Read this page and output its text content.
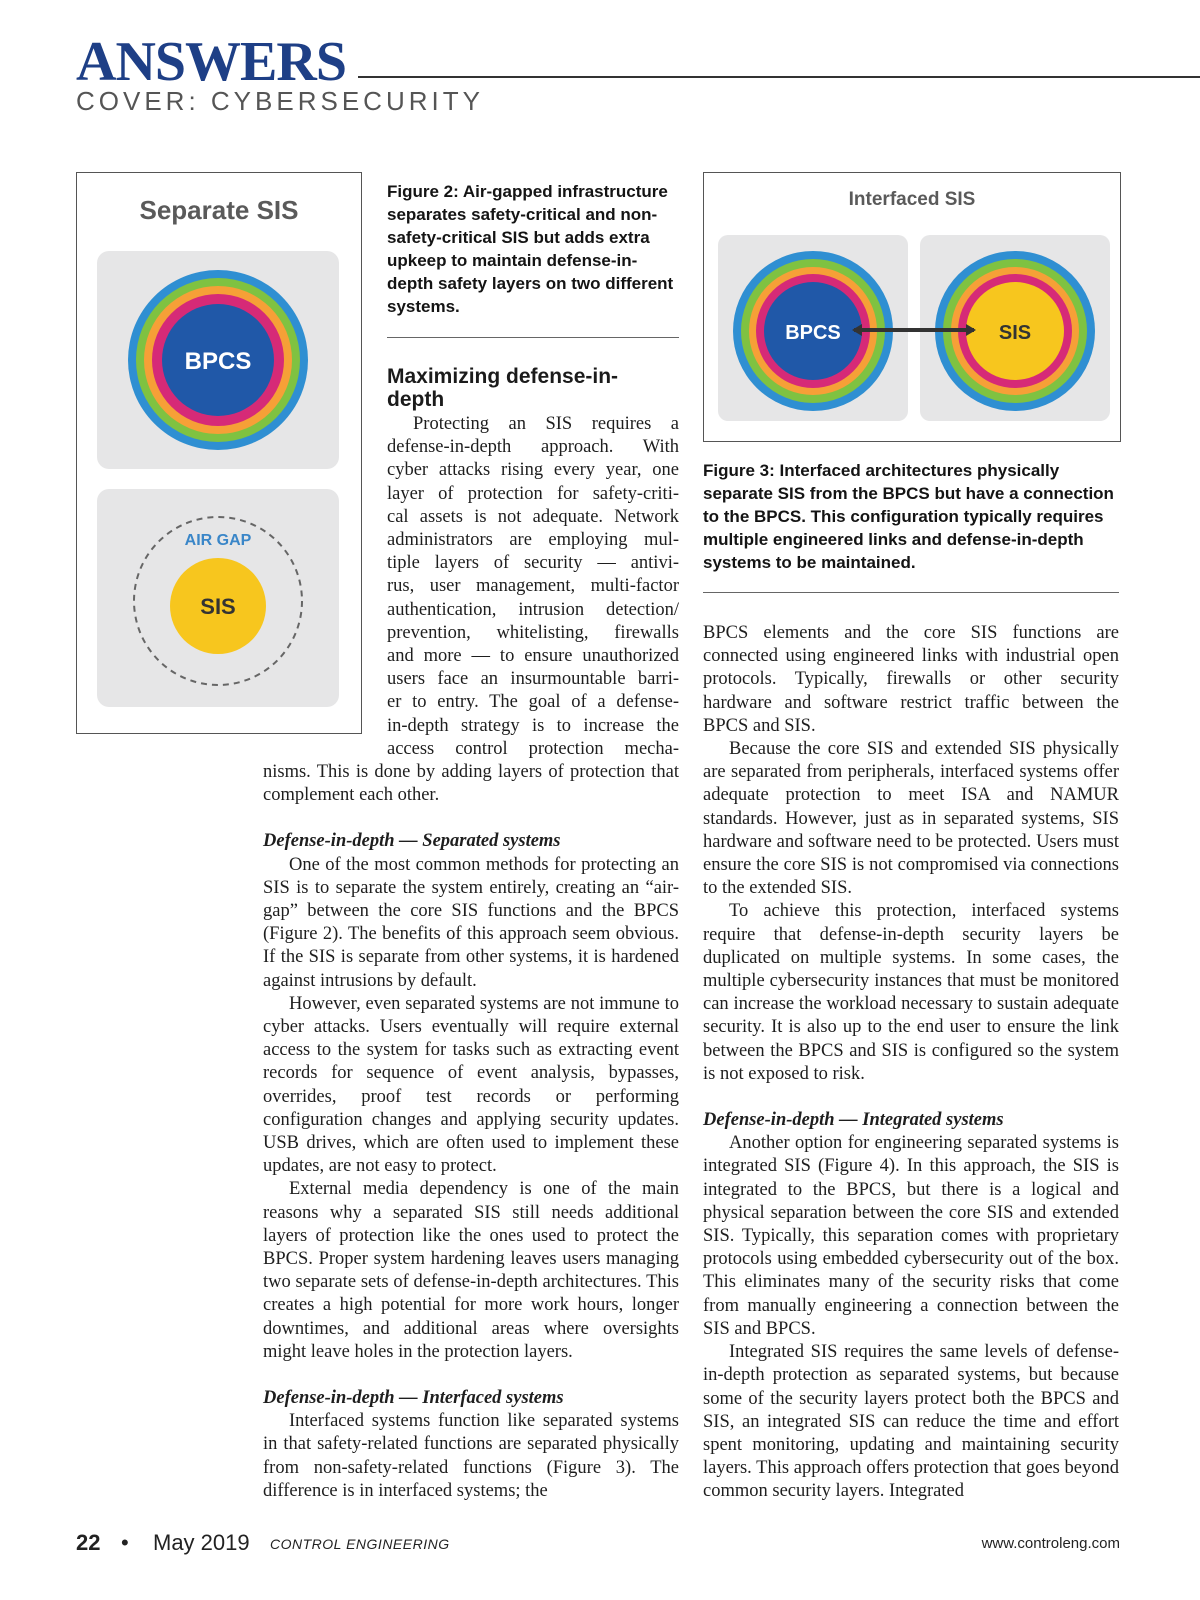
ANSWERS
COVER: CYBERSECURITY
Separate SIS
BPCS
AIR GAP
SIS
Figure 2: Air-gapped infrastructure separates safety-critical and non-safety-critical SIS but adds extra upkeep to maintain defense-in-depth safety layers on two different systems.
Interfaced SIS
BPCS	SIS
Figure 3: Interfaced architectures physically separate SIS from the BPCS but have a connection to the BPCS. This configuration typically requires multiple engineered links and defense-in-depth systems to be maintained.
Maximizing defense-in-depth
Protecting an SIS requires a
defense-in-depth approach. With
cyber attacks rising every year, one
layer of protection for safety-criti-
cal assets is not adequate. Network
administrators are employing mul-
tiple layers of security — antivi-
rus, user management, multi-factor
authentication, intrusion detection/
prevention, whitelisting, firewalls
and more — to ensure unauthorized
users face an insurmountable barri-
er to entry. The goal of a defense-
in-depth strategy is to increase the
access control protection mecha-

nisms. This is done by adding layers of protection that complement each other.

Defense-in-depth — Separated systems

One of the most common methods for protecting an SIS is to separate the system entirely, creating an “air-gap” between the core SIS functions and the BPCS (Figure 2). The benefits of this approach seem obvious. If the SIS is separate from other systems, it is hardened against intrusions by default.

However, even separated systems are not immune to cyber attacks. Users eventually will require external access to the system for tasks such as extracting event records for sequence of event analysis, bypasses, overrides, proof test records or performing configuration changes and applying security updates. USB drives, which are often used to implement these updates, are not easy to protect.

External media dependency is one of the main reasons why a separated SIS still needs additional layers of protection like the ones used to protect the BPCS. Proper system hardening leaves users managing two separate sets of defense-in-depth architectures. This creates a high potential for more work hours, longer downtimes, and additional areas where oversights might leave holes in the protection layers.

Defense-in-depth — Interfaced systems

Interfaced systems function like separated systems in that safety-related functions are separated physically from non-safety-related functions (Figure 3). The difference is in interfaced systems; the

BPCS elements and the core SIS functions are connected using engineered links with industrial open protocols. Typically, firewalls or other security hardware and software restrict traffic between the BPCS and SIS.

Because the core SIS and extended SIS physically are separated from peripherals, interfaced systems offer adequate protection to meet ISA and NAMUR standards. However, just as in separated systems, SIS hardware and software need to be protected. Users must ensure the core SIS is not compromised via connections to the extended SIS.

To achieve this protection, interfaced systems require that defense-in-depth security layers be duplicated on multiple systems. In some cases, the multiple cybersecurity instances that must be monitored can increase the workload necessary to sustain adequate security. It is also up to the end user to ensure the link between the BPCS and SIS is configured so the system is not exposed to risk.

Defense-in-depth — Integrated systems

Another option for engineering separated systems is integrated SIS (Figure 4). In this approach, the SIS is integrated to the BPCS, but there is a logical and physical separation between the core SIS and extended SIS. Typically, this separation comes with proprietary protocols using embedded cybersecurity out of the box. This eliminates many of the security risks that come from manually engineering a connection between the SIS and BPCS.

Integrated SIS requires the same levels of defense-in-depth protection as separated systems, but because some of the security layers protect both the BPCS and SIS, an integrated SIS can reduce the time and effort spent monitoring, updating and maintaining security layers. This approach offers protection that goes beyond common security layers. Integrated

22 • May 2019 CONTROL ENGINEERING	www.controleng.com
